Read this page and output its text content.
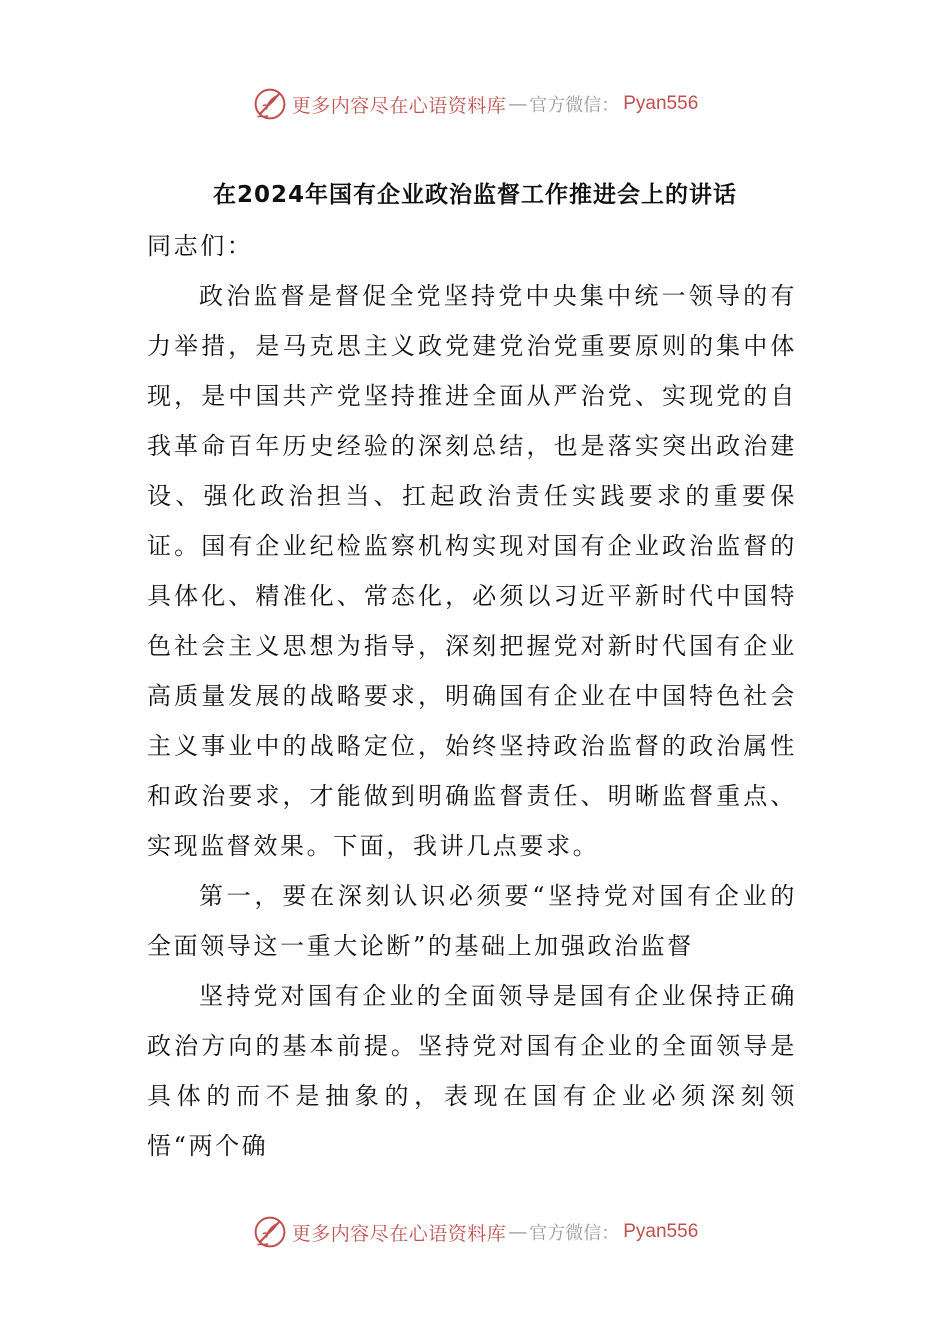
更多内容尽在心语资料库 — 官方微信： Pyan556
在2024年国有企业政治监督工作推进会上的讲话

同志们：

政治监督是督促全党坚持党中央集中统一领导的有力举措，是马克思主义政党建党治党重要原则的集中体现，是中国共产党坚持推进全面从严治党、实现党的自我革命百年历史经验的深刻总结，也是落实突出政治建设、强化政治担当、扛起政治责任实践要求的重要保证。国有企业纪检监察机构实现对国有企业政治监督的具体化、精准化、常态化，必须以习近平新时代中国特色社会主义思想为指导，深刻把握党对新时代国有企业高质量发展的战略要求，明确国有企业在中国特色社会主义事业中的战略定位，始终坚持政治监督的政治属性和政治要求，才能做到明确监督责任、明晰监督重点、实现监督效果。下面，我讲几点要求。

第一，要在深刻认识必须要“坚持党对国有企业的全面领导这一重大论断”的基础上加强政治监督

坚持党对国有企业的全面领导是国有企业保持正确政治方向的基本前提。坚持党对国有企业的全面领导是具体的而不是抽象的，表现在国有企业必须深刻领悟“两个确

更多内容尽在心语资料库 — 官方微信： Pyan556
